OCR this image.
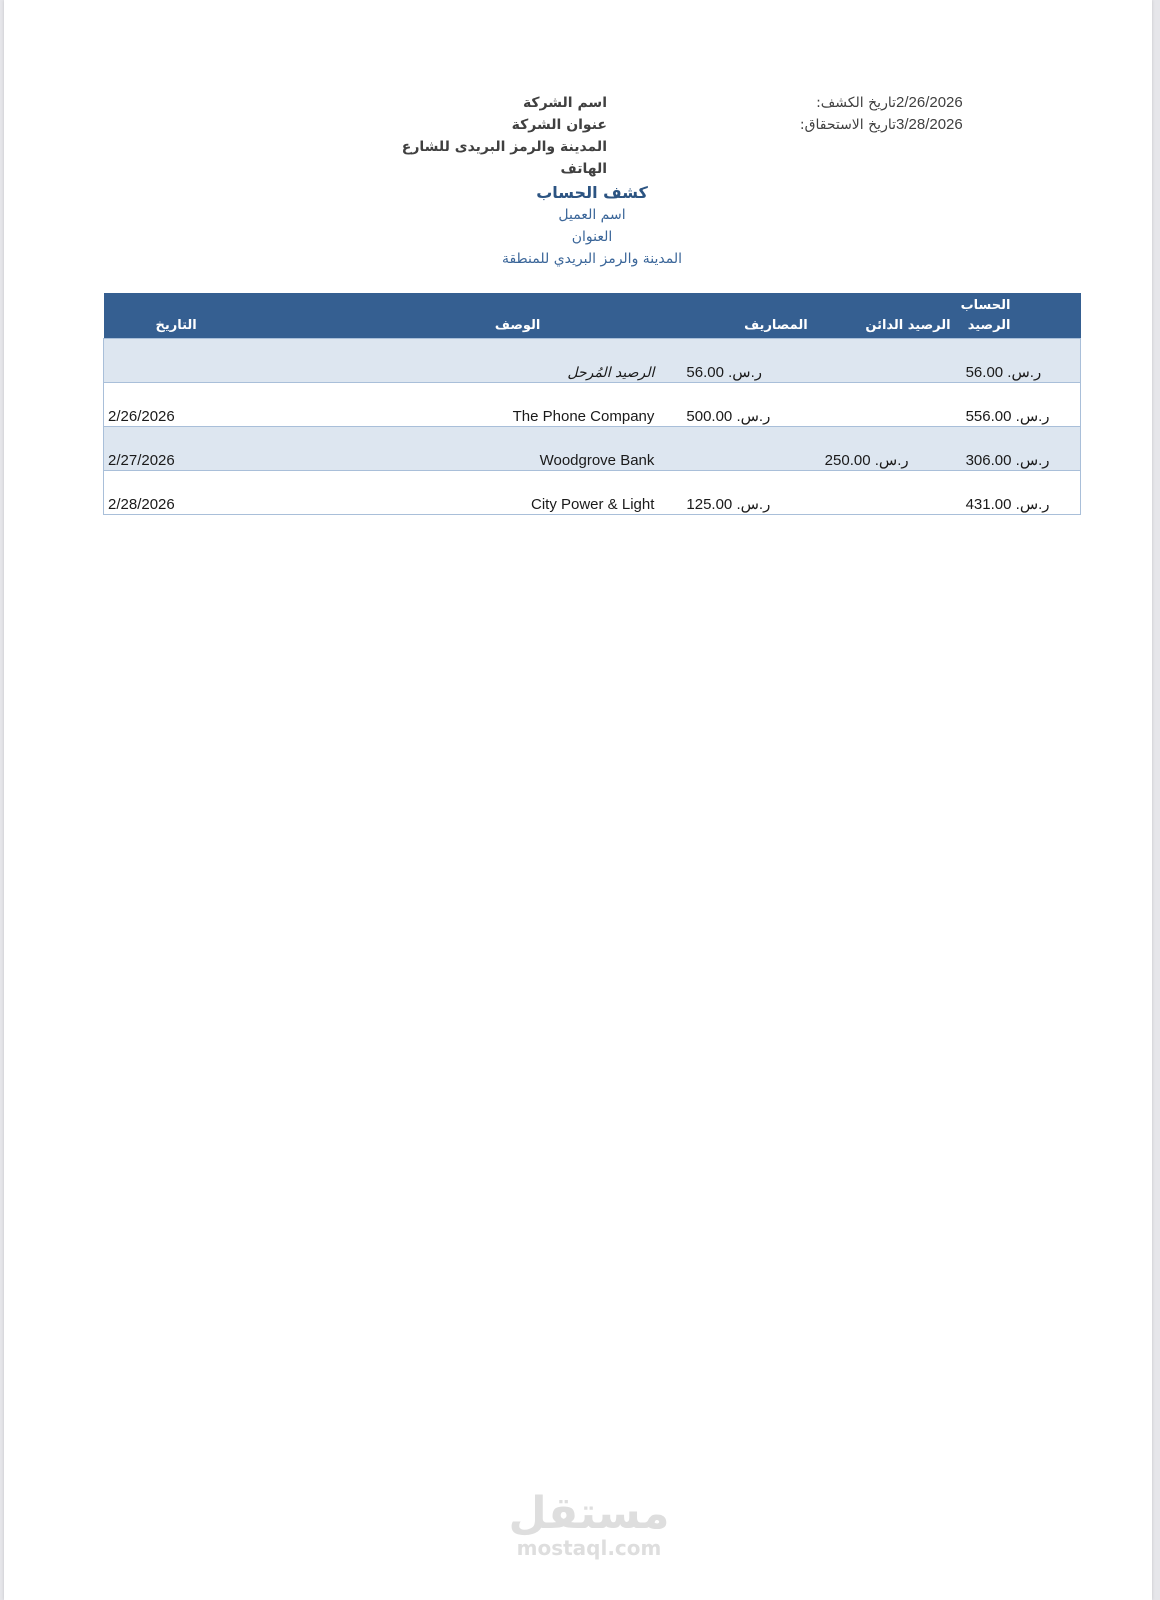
اسم الشركة
عنوان الشركة
المدينة والرمز البريدى للشارع
الهاتف
2/26/2026
تاريخ الكشف:
3/28/2026
تاريخ الاستحقاق:
كشف الحساب
اسم العميل
العنوان
المدينة والرمز البريدي للمنطقة
التاريخ	الوصف	المصاريف	الرصيد الدائن	الحساب
الرصيد

	الرصيد المُرحل	ر.س. 56.00		ر.س. 56.00
2/26/2026	The Phone Company	ر.س. 500.00		ر.س. 556.00
2/27/2026	Woodgrove Bank		ر.س. 250.00	ر.س. 306.00
2/28/2026	City Power & Light	ر.س. 125.00		ر.س. 431.00
مستقل
mostaql.com
